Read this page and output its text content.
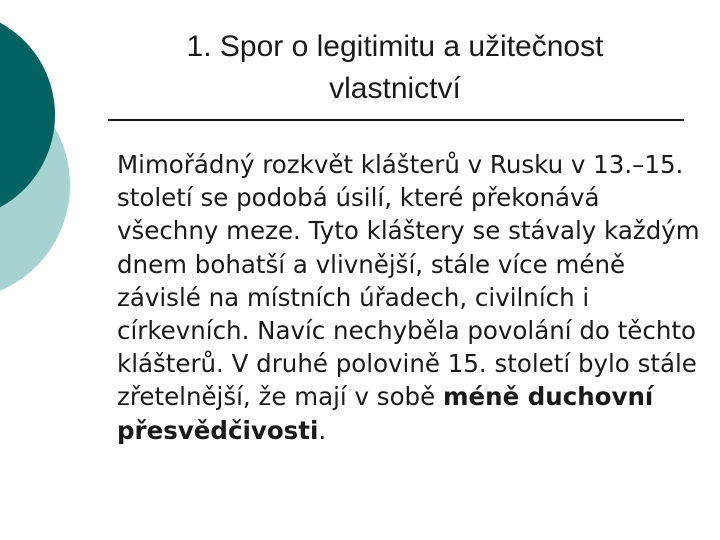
1. Spor o legitimitu a užitečnost
vlastnictví

Mimořádný rozkvět klášterů v Rusku v 13.–15. století se podobá úsilí, které překonává všechny meze. Tyto kláštery se stávaly každým dnem bohatší a vlivnější, stále více méně závislé na místních úřadech, civilních i církevních. Navíc nechyběla povolání do těchto klášterů. V druhé polovině 15. století bylo stále zřetelnější, že mají v sobě méně duchovní přesvědčivosti.
